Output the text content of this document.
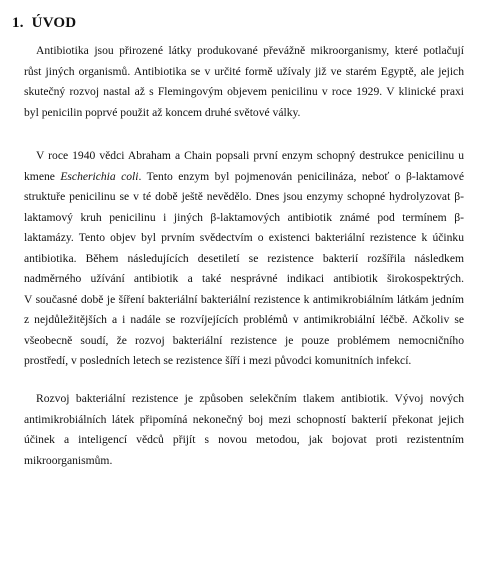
1. ÚVOD
Antibiotika jsou přirozené látky produkované převážně mikroorganismy, které potlačují
růst jiných organismů. Antibiotika se v určité formě užívaly již ve starém Egyptě, ale jejich
skutečný rozvoj nastal až s Flemingovým objevem penicilinu v roce 1929. V klinické praxi
byl penicilin poprvé použit až koncem druhé světové války.
V roce 1940 vědci Abraham a Chain popsali první enzym schopný destrukce penicilinu u
kmene Escherichia coli. Tento enzym byl pojmenován penicilináza, neboť o β-laktamové
struktuře penicilinu se v té době ještě nevědělo. Dnes jsou enzymy schopné hydrolyzovat β-
laktamový kruh penicilinu i jiných β-laktamových antibiotik známé pod termínem β-
laktamázy. Tento objev byl prvním svědectvím o existenci bakteriální rezistence k účinku
antibiotika. Během následujících desetiletí se rezistence bakterií rozšířila následkem
nadměrného užívání antibiotik a také nesprávné indikaci antibiotik širokospektrých.
V současné době je šíření bakteriální bakteriální rezistence k antimikrobiálním látkám jedním
z nejdůležitějších a i nadále se rozvíjejících problémů v antimikrobiální léčbě. Ačkoliv se
všeobecně soudí, že rozvoj bakteriální rezistence je pouze problémem nemocničního
prostředí, v posledních letech se rezistence šíří i mezi původci komunitních infekcí.
Rozvoj bakteriální rezistence je způsoben selekčním tlakem antibiotik. Vývoj nových
antimikrobiálních látek připomíná nekonečný boj mezi schopností bakterií překonat jejich
účinek a inteligencí vědců přijít s novou metodou, jak bojovat proti rezistentním
mikroorganismům.
